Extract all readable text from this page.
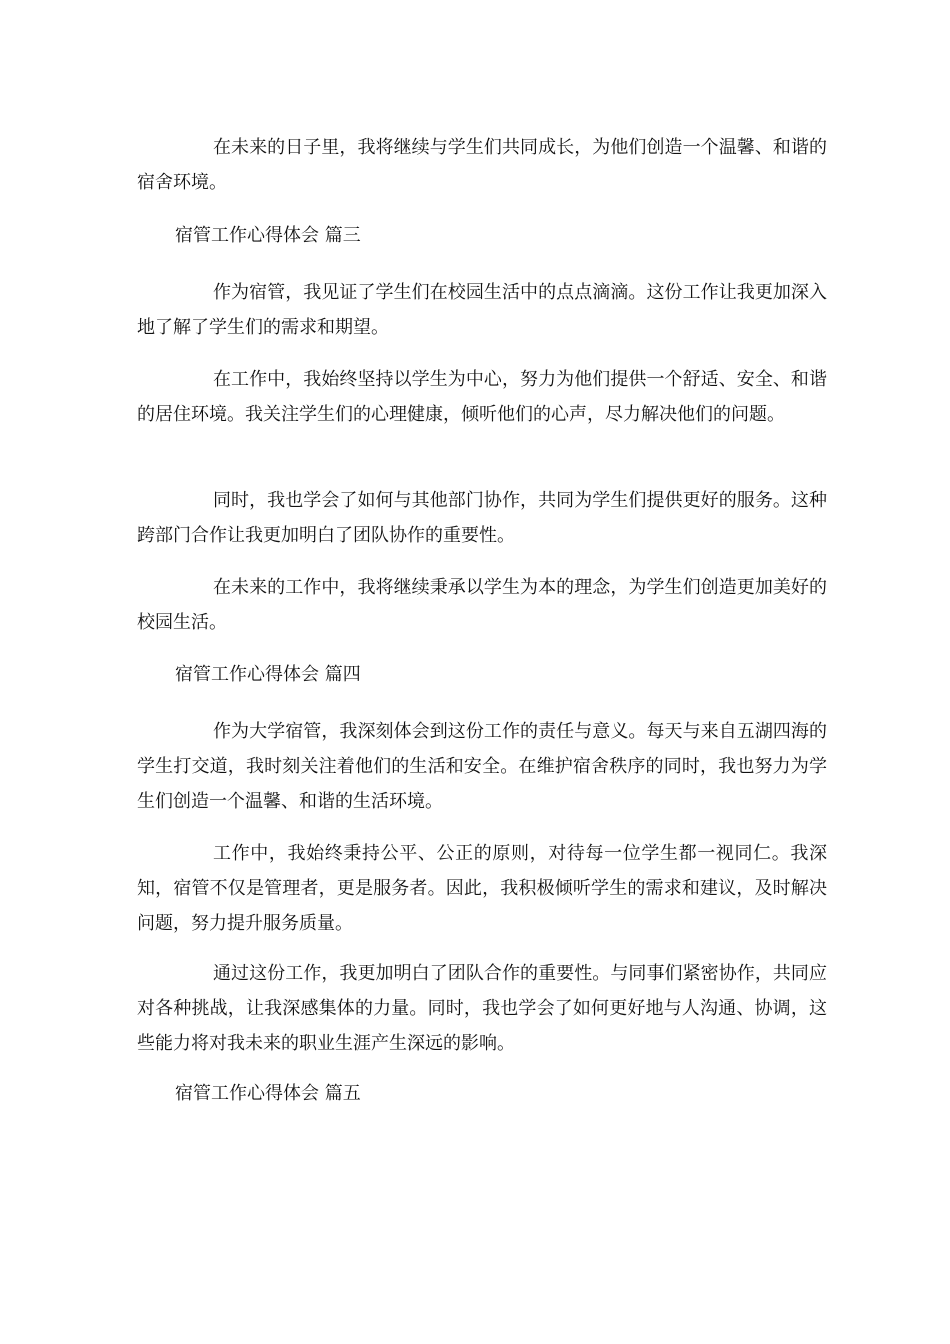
在未来的日子里，我将继续与学生们共同成长，为他们创造一个温馨、和谐的宿舍环境。

宿管工作心得体会 篇三

作为宿管，我见证了学生们在校园生活中的点点滴滴。这份工作让我更加深入地了解了学生们的需求和期望。

在工作中，我始终坚持以学生为中心，努力为他们提供一个舒适、安全、和谐的居住环境。我关注学生们的心理健康，倾听他们的心声，尽力解决他们的问题。

同时，我也学会了如何与其他部门协作，共同为学生们提供更好的服务。这种跨部门合作让我更加明白了团队协作的重要性。

在未来的工作中，我将继续秉承以学生为本的理念，为学生们创造更加美好的校园生活。

宿管工作心得体会 篇四

作为大学宿管，我深刻体会到这份工作的责任与意义。每天与来自五湖四海的学生打交道，我时刻关注着他们的生活和安全。在维护宿舍秩序的同时，我也努力为学生们创造一个温馨、和谐的生活环境。

工作中，我始终秉持公平、公正的原则，对待每一位学生都一视同仁。我深知，宿管不仅是管理者，更是服务者。因此，我积极倾听学生的需求和建议，及时解决问题，努力提升服务质量。

通过这份工作，我更加明白了团队合作的重要性。与同事们紧密协作，共同应对各种挑战，让我深感集体的力量。同时，我也学会了如何更好地与人沟通、协调，这些能力将对我未来的职业生涯产生深远的影响。

宿管工作心得体会 篇五
